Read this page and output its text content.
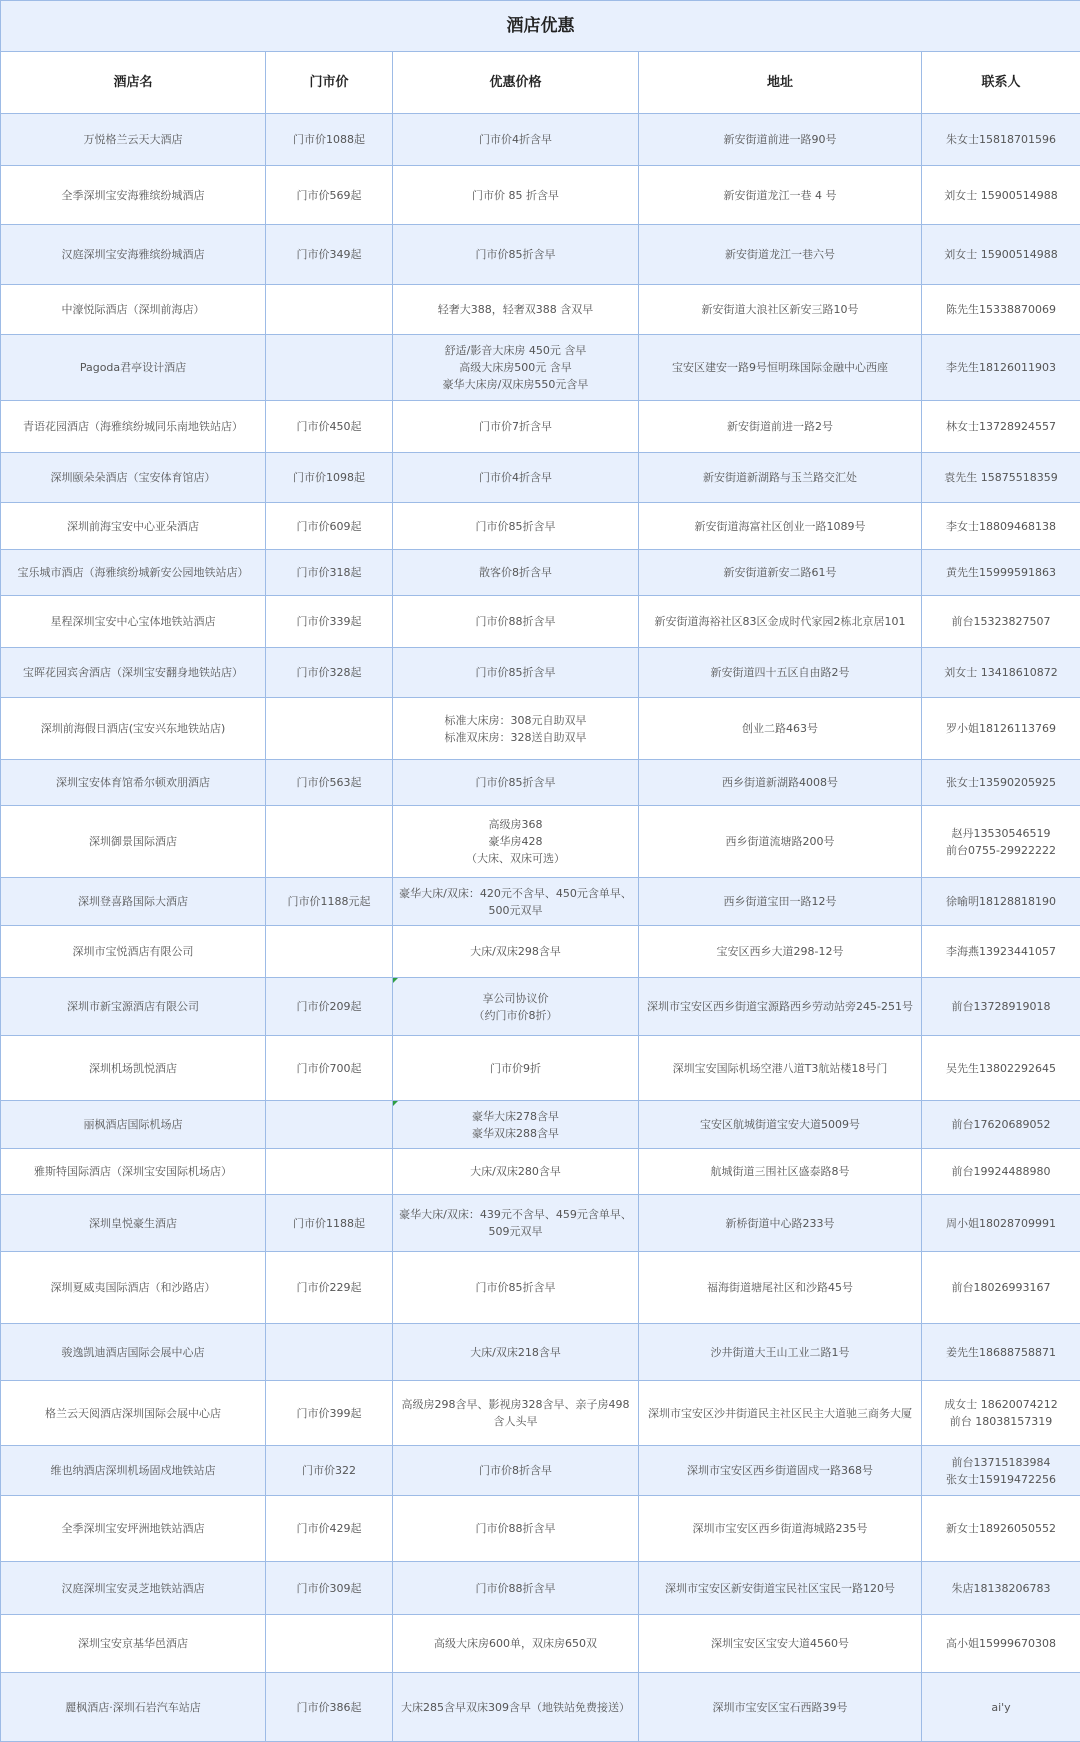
酒店优惠				
酒店名	门市价	优惠价格	地址	联系人
万悦格兰云天大酒店	门市价1088起	门市价4折含早	新安街道前进一路90号	朱女士15818701596

全季深圳宝安海雅缤纷城酒店	门市价569起	门市价 85 折含早	新安街道龙江一巷 4 号	刘女士 15900514988

汉庭深圳宝安海雅缤纷城酒店	门市价349起	门市价85折含早	新安街道龙江一巷六号	刘女士 15900514988

中濠悦际酒店（深圳前海店）		轻奢大388，轻奢双388 含双早	新安街道大浪社区新安三路10号	陈先生15338870069

Pagoda君亭设计酒店		舒适/影音大床房 450元 含早
高级大床房500元 含早
豪华大床房/双床房550元含早	宝安区建安一路9号恒明珠国际金融中心西座	李先生18126011903

青语花园酒店（海雅缤纷城同乐南地铁站店）	门市价450起	门市价7折含早	新安街道前进一路2号	林女士13728924557

深圳颐朵朵酒店（宝安体育馆店）	门市价1098起	门市价4折含早	新安街道新湖路与玉兰路交汇处	袁先生 15875518359

深圳前海宝安中心亚朵酒店	门市价609起	门市价85折含早	新安街道海富社区创业一路1089号	李女士18809468138

宝乐城市酒店（海雅缤纷城新安公园地铁站店）	门市价318起	散客价8折含早	新安街道新安二路61号	黄先生15999591863

星程深圳宝安中心宝体地铁站酒店	门市价339起	门市价88折含早	新安街道海裕社区83区金成时代家园2栋北京居101	前台15323827507

宝晖花园宾舍酒店（深圳宝安翻身地铁站店）	门市价328起	门市价85折含早	新安街道四十五区自由路2号	刘女士 13418610872

深圳前海假日酒店(宝安兴东地铁站店)		标准大床房：308元自助双早
标准双床房：328送自助双早	创业二路463号	罗小姐18126113769

深圳宝安体育馆希尔顿欢朋酒店	门市价563起	门市价85折含早	西乡街道新湖路4008号	张女士13590205925

深圳御景国际酒店		高级房368
豪华房428
（大床、双床可选）	西乡街道流塘路200号	赵丹13530546519
前台0755-29922222

深圳登喜路国际大酒店	门市价1188元起	豪华大床/双床：420元不含早、450元含单早、500元双早	西乡街道宝田一路12号	徐喻明18128818190

深圳市宝悦酒店有限公司		大床/双床298含早	宝安区西乡大道298-12号	李海燕13923441057

深圳市新宝源酒店有限公司	门市价209起	享公司协议价
（约门市价8折）	深圳市宝安区西乡街道宝源路西乡劳动站旁245-251号	前台13728919018

深圳机场凯悦酒店	门市价700起	门市价9折	深圳宝安国际机场空港八道T3航站楼18号门	吴先生13802292645

丽枫酒店国际机场店		豪华大床278含早
豪华双床288含早	宝安区航城街道宝安大道5009号	前台17620689052

雅斯特国际酒店（深圳宝安国际机场店）		大床/双床280含早	航城街道三围社区盛泰路8号	前台19924488980

深圳皇悦豪生酒店	门市价1188起	豪华大床/双床：439元不含早、459元含单早、509元双早	新桥街道中心路233号	周小姐18028709991

深圳夏威夷国际酒店（和沙路店）	门市价229起	门市价85折含早	福海街道塘尾社区和沙路45号	前台18026993167

骏逸凯迪酒店国际会展中心店		大床/双床218含早	沙井街道大王山工业二路1号	姜先生18688758871

格兰云天阅酒店深圳国际会展中心店	门市价399起	高级房298含早、影视房328含早、亲子房498含人头早	深圳市宝安区沙井街道民主社区民主大道驰三商务大厦	成女士 18620074212
前台 18038157319

维也纳酒店深圳机场固戍地铁站店	门市价322	门市价8折含早	深圳市宝安区西乡街道固戍一路368号	前台13715183984
张女士15919472256

全季深圳宝安坪洲地铁站酒店	门市价429起	门市价88折含早	深圳市宝安区西乡街道海城路235号	新女士18926050552

汉庭深圳宝安灵芝地铁站酒店	门市价309起	门市价88折含早	深圳市宝安区新安街道宝民社区宝民一路120号	朱店18138206783

深圳宝安京基华邑酒店		高级大床房600单，双床房650双	深圳宝安区宝安大道4560号	高小姐15999670308

麗枫酒店·深圳石岩汽车站店	门市价386起	大床285含早双床309含早（地铁站免费接送）	深圳市宝安区宝石西路39号	ai'y
